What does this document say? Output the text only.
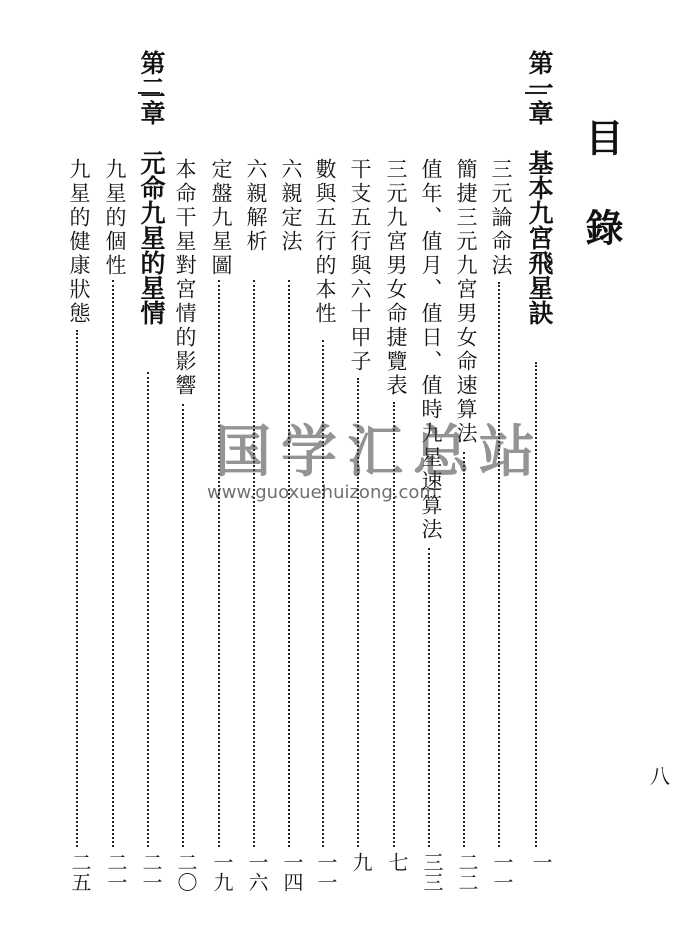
目錄
第一章　基本九宮飛星訣
一
三元論命法
一一
簡捷三元九宮男女命速算法
二二
值年、值月、值日、值時九星速算法
三三
三元九宮男女命捷覽表
七
干支五行與六十甲子
九
數與五行的本性
一一
六親定法
一四
六親解析
一六
定盤九星圖
一九
本命干星對宮情的影響
二〇
第二章　元命九星的星情
二一
九星的個性
二一
九星的健康狀態
二五
八
国学汇总站
www.guoxuehuizong.com
